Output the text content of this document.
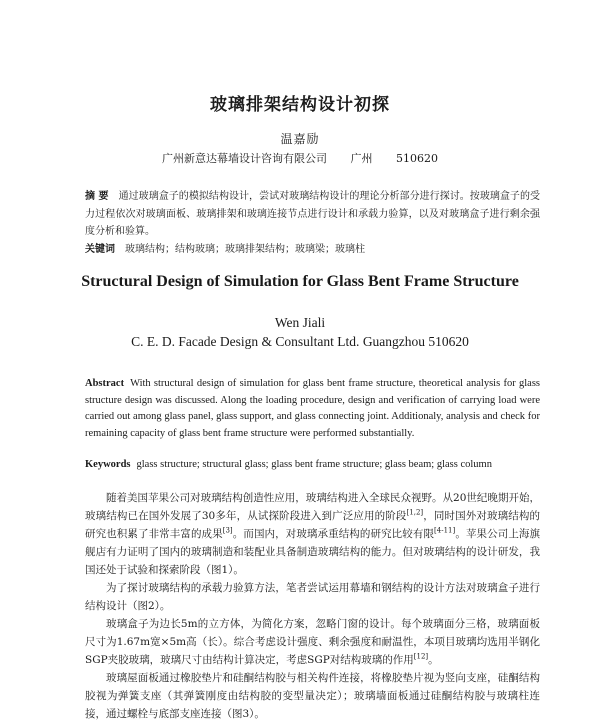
玻璃排架结构设计初探
温嘉励
广州新意达幕墙设计咨询有限公司 广州 510620

摘 要 通过玻璃盒子的模拟结构设计，尝试对玻璃结构设计的理论分析部分进行探讨。按玻璃盒子的受力过程依次对玻璃面板、玻璃排架和玻璃连接节点进行设计和承载力验算，以及对玻璃盒子进行剩余强度分析和验算。

关键词 玻璃结构；结构玻璃；玻璃排架结构；玻璃梁；玻璃柱

Structural Design of Simulation for Glass Bent Frame Structure
Wen Jiali
C. E. D. Facade Design & Consultant Ltd. Guangzhou 510620

Abstract With structural design of simulation for glass bent frame structure, theoretical analysis for glass structure design was discussed. Along the loading procedure, design and verification of carrying load were carried out among glass panel, glass support, and glass connecting joint. Additionaly, analysis and check for remaining capacity of glass bent frame structure were performed substantially.

Keywords glass structure; structural glass; glass bent frame structure; glass beam; glass column

随着美国苹果公司对玻璃结构创造性应用，玻璃结构进入全球民众视野。从20世纪晚期开始，玻璃结构已在国外发展了30多年，从试探阶段进入到广泛应用的阶段[1,2]，同时国外对玻璃结构的研究也积累了非常丰富的成果[3]。而国内，对玻璃承重结构的研究比较有限[4-11]。苹果公司上海旗舰店有力证明了国内的玻璃制造和装配业具备制造玻璃结构的能力。但对玻璃结构的设计研发，我国还处于试验和探索阶段（图1）。

为了探讨玻璃结构的承载力验算方法，笔者尝试运用幕墙和钢结构的设计方法对玻璃盒子进行结构设计（图2）。

玻璃盒子为边长5m的立方体，为简化方案，忽略门窗的设计。每个玻璃面分三格，玻璃面板尺寸为1.67m宽×5m高（长）。综合考虑设计强度、剩余强度和耐温性，本项目玻璃均选用半钢化SGP夹胶玻璃，玻璃尺寸由结构计算决定，考虑SGP对结构玻璃的作用[12]。

玻璃屋面板通过橡胶垫片和硅酮结构胶与相关构件连接，将橡胶垫片视为竖向支座，硅酮结构胶视为弹簧支座（其弹簧刚度由结构胶的变型量决定）；玻璃墙面板通过硅酮结构胶与玻璃柱连接，通过螺栓与底部支座连接（图3）。
